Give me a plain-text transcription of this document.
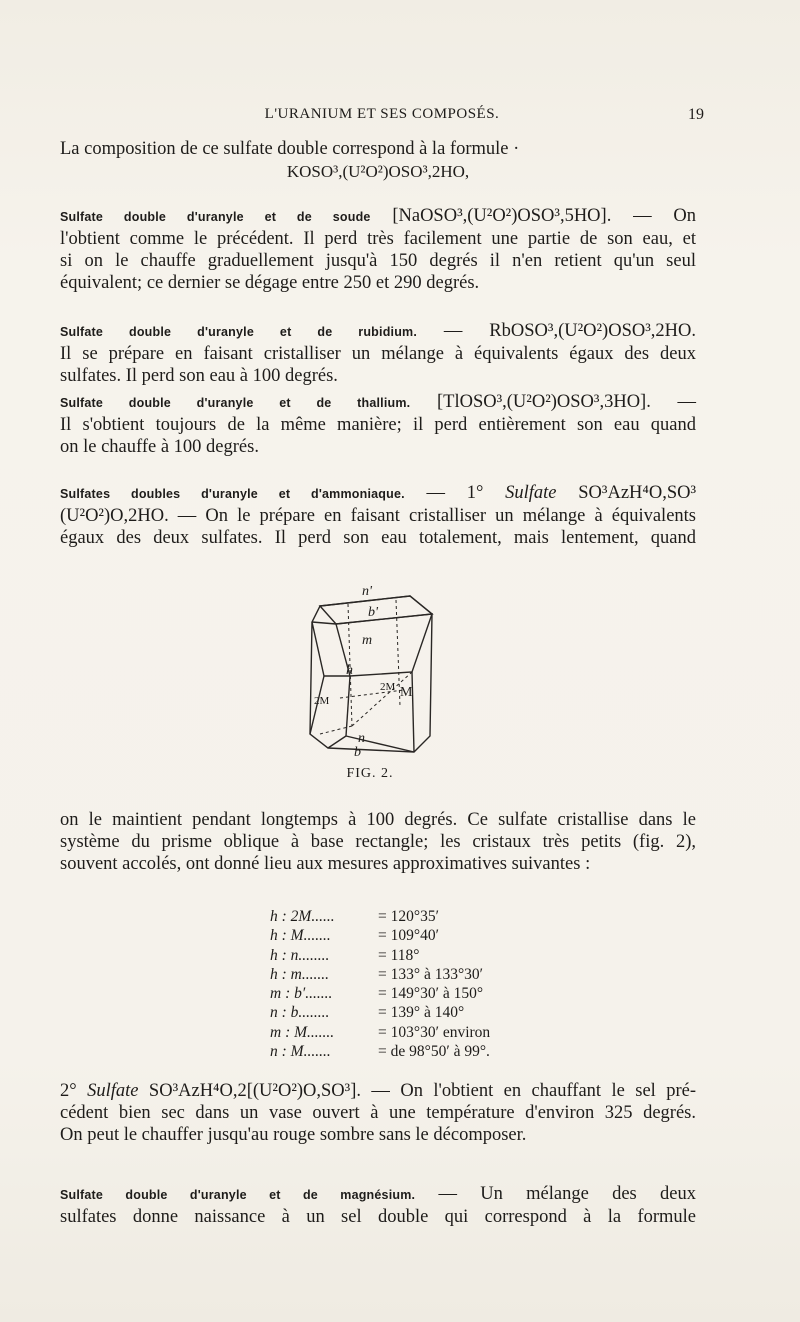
L'URANIUM ET SES COMPOSÉS.	19
La composition de ce sulfate double correspond à la formule ·
KOSO³,(U²O²)OSO³,2HO,
Sulfate double d'uranyle et de soude [NaOSO³,(U²O²)OSO³,5HO]. — On
l'obtient comme le précédent. Il perd très facilement une partie de son eau, et
si on le chauffe graduellement jusqu'à 150 degrés il n'en retient qu'un seul
équivalent; ce dernier se dégage entre 250 et 290 degrés.
Sulfate double d'uranyle et de rubidium. — RbOSO³,(U²O²)OSO³,2HO.
Il se prépare en faisant cristalliser un mélange à équivalents égaux des deux
sulfates. Il perd son eau à 100 degrés.
Sulfate double d'uranyle et de thallium. [TlOSO³,(U²O²)OSO³,3HO]. —
Il s'obtient toujours de la même manière; il perd entièrement son eau quand
on le chauffe à 100 degrés.
Sulfates doubles d'uranyle et d'ammoniaque. — 1° Sulfate SO³AzH⁴O,SO³
(U²O²)O,2HO. — On le prépare en faisant cristalliser un mélange à équivalents
égaux des deux sulfates. Il perd son eau totalement, mais lentement, quand
n'
b'
m
h
2M
2M M
n
b
FIG. 2.
on le maintient pendant longtemps à 100 degrés. Ce sulfate cristallise dans le
système du prisme oblique à base rectangle; les cristaux très petits (fig. 2),
souvent accolés, ont donné lieu aux mesures approximatives suivantes :
h : 2M......	= 120°35′
h : M.......	= 109°40′
h : n........	= 118°
h : m.......	= 133° à 133°30′
m : b′.......	= 149°30′ à 150°
n : b........	= 139° à 140°
m : M.......	= 103°30′ environ
n : M.......	= de 98°50′ à 99°.
2° Sulfate SO³AzH⁴O,2[(U²O²)O,SO³]. — On l'obtient en chauffant le sel pré-
cédent bien sec dans un vase ouvert à une température d'environ 325 degrés.
On peut le chauffer jusqu'au rouge sombre sans le décomposer.
Sulfate double d'uranyle et de magnésium. — Un mélange des deux
sulfates donne naissance à un sel double qui correspond à la formule
